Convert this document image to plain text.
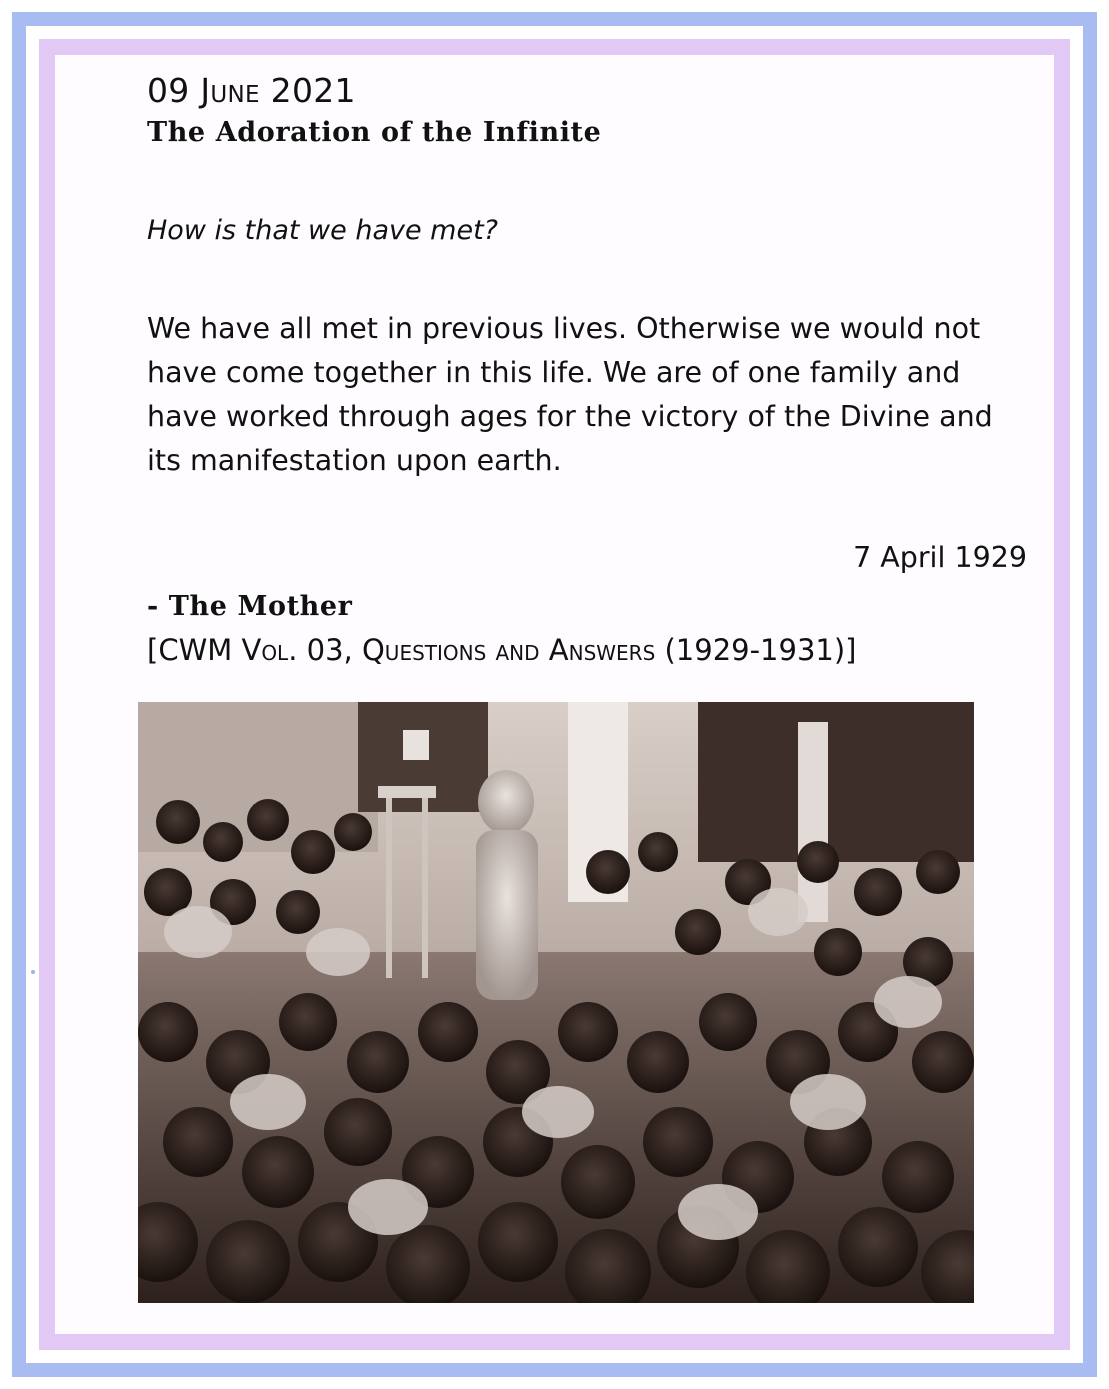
09 June 2021
The Adoration of the Infinite
How is that we have met?
We have all met in previous lives. Otherwise we would not have come together in this life. We are of one family and have worked through ages for the victory of the Divine and its manifestation upon earth.
7 April 1929
- The Mother
[CWM Vol. 03, Questions and Answers (1929-1931)]
